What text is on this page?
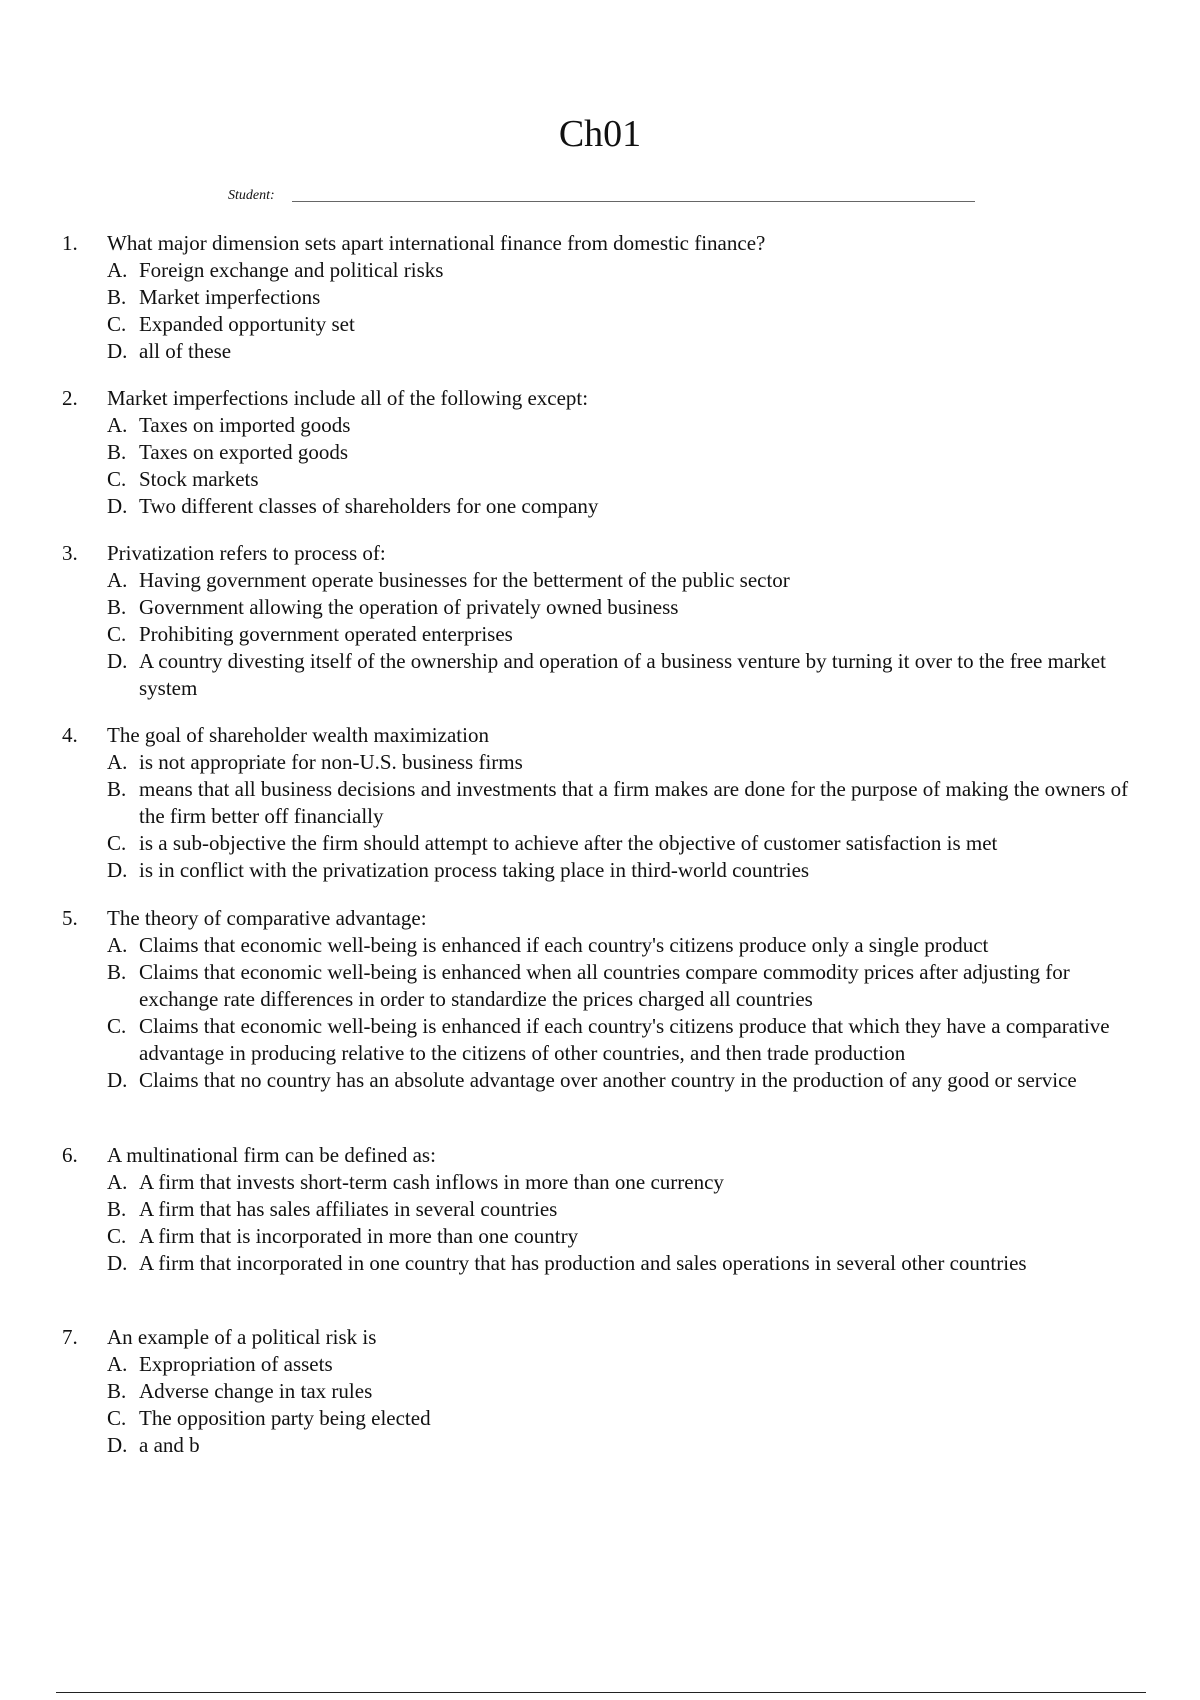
Ch01
Student:
1. What major dimension sets apart international finance from domestic finance?
A. Foreign exchange and political risks
B. Market imperfections
C. Expanded opportunity set
D. all of these
2. Market imperfections include all of the following except:
A. Taxes on imported goods
B. Taxes on exported goods
C. Stock markets
D. Two different classes of shareholders for one company
3. Privatization refers to process of:
A. Having government operate businesses for the betterment of the public sector
B. Government allowing the operation of privately owned business
C. Prohibiting government operated enterprises
D. A country divesting itself of the ownership and operation of a business venture by turning it over to the free market system
4. The goal of shareholder wealth maximization
A. is not appropriate for non-U.S. business firms
B. means that all business decisions and investments that a firm makes are done for the purpose of making the owners of the firm better off financially
C. is a sub-objective the firm should attempt to achieve after the objective of customer satisfaction is met
D. is in conflict with the privatization process taking place in third-world countries
5. The theory of comparative advantage:
A. Claims that economic well-being is enhanced if each country's citizens produce only a single product
B. Claims that economic well-being is enhanced when all countries compare commodity prices after adjusting for exchange rate differences in order to standardize the prices charged all countries
C. Claims that economic well-being is enhanced if each country's citizens produce that which they have a comparative advantage in producing relative to the citizens of other countries, and then trade production
D. Claims that no country has an absolute advantage over another country in the production of any good or service
6. A multinational firm can be defined as:
A. A firm that invests short-term cash inflows in more than one currency
B. A firm that has sales affiliates in several countries
C. A firm that is incorporated in more than one country
D. A firm that incorporated in one country that has production and sales operations in several other countries
7. An example of a political risk is
A. Expropriation of assets
B. Adverse change in tax rules
C. The opposition party being elected
D. a and b
